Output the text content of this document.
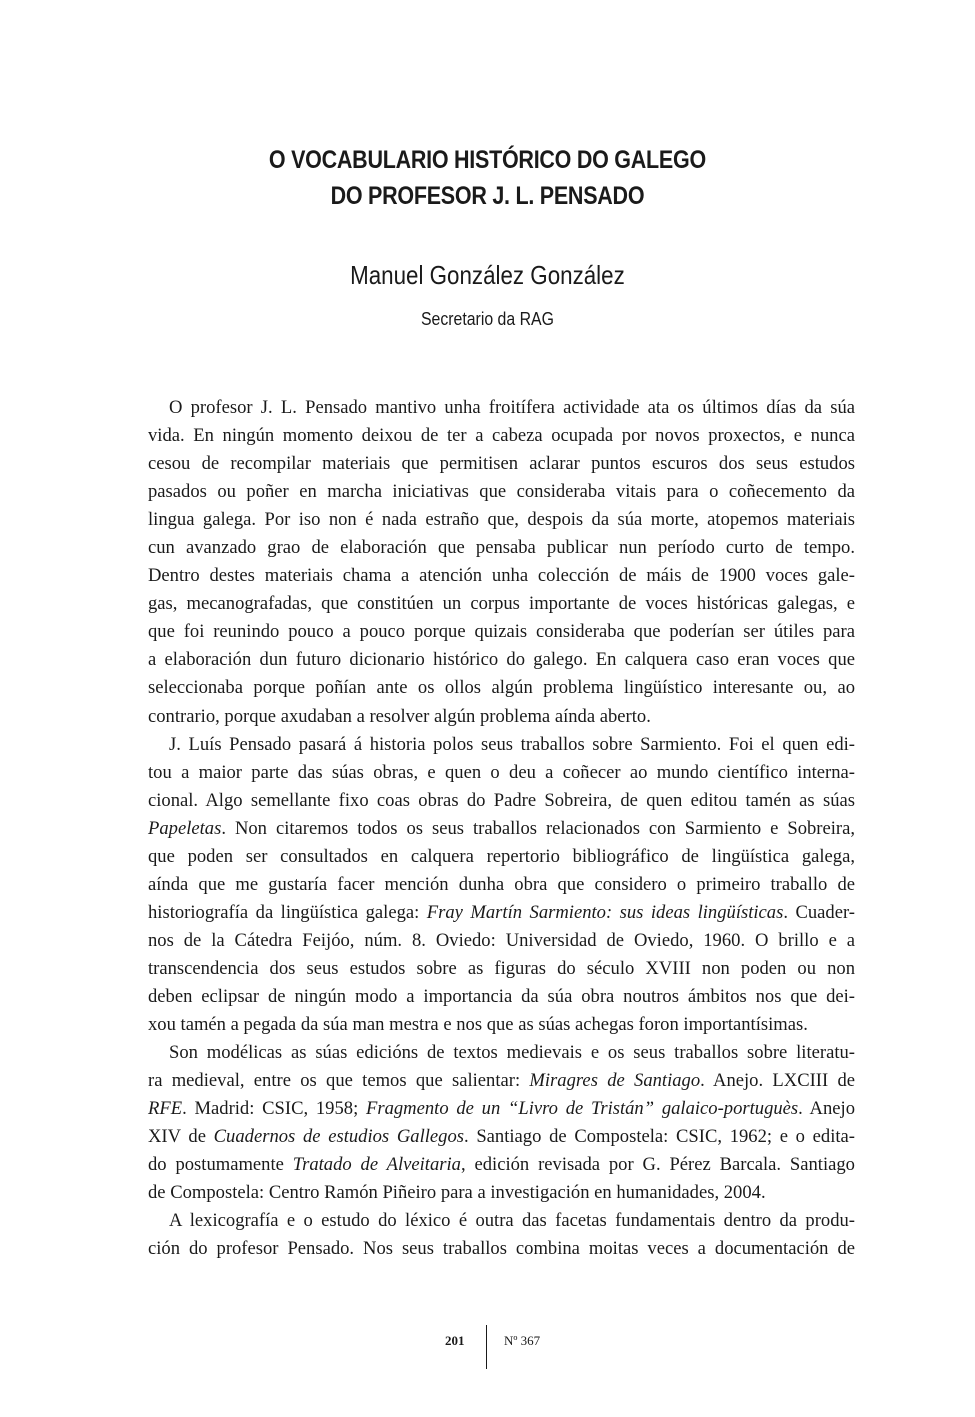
O VOCABULARIO HISTÓRICO DO GALEGO
DO PROFESOR J. L. PENSADO
Manuel González González
Secretario da RAG
O profesor J. L. Pensado mantivo unha froitífera actividade ata os últimos días da súa
vida. En ningún momento deixou de ter a cabeza ocupada por novos proxectos, e nunca
cesou de recompilar materiais que permitisen aclarar puntos escuros dos seus estudos
pasados ou poñer en marcha iniciativas que consideraba vitais para o coñecemento da
lingua galega. Por iso non é nada estraño que, despois da súa morte, atopemos materiais
cun avanzado grao de elaboración que pensaba publicar nun período curto de tempo.
Dentro destes materiais chama a atención unha colección de máis de 1900 voces gale-
gas, mecanografadas, que constitúen un corpus importante de voces históricas galegas, e
que foi reunindo pouco a pouco porque quizais consideraba que poderían ser útiles para
a elaboración dun futuro dicionario histórico do galego. En calquera caso eran voces que
seleccionaba porque poñían ante os ollos algún problema lingüístico interesante ou, ao
contrario, porque axudaban a resolver algún problema aínda aberto.
J. Luís Pensado pasará á historia polos seus traballos sobre Sarmiento. Foi el quen edi-
tou a maior parte das súas obras, e quen o deu a coñecer ao mundo científico interna-
cional. Algo semellante fixo coas obras do Padre Sobreira, de quen editou tamén as súas
Papeletas. Non citaremos todos os seus traballos relacionados con Sarmiento e Sobreira,
que poden ser consultados en calquera repertorio bibliográfico de lingüística galega,
aínda que me gustaría facer mención dunha obra que considero o primeiro traballo de
historiografía da lingüística galega: Fray Martín Sarmiento: sus ideas lingüísticas. Cuader-
nos de la Cátedra Feijóo, núm. 8. Oviedo: Universidad de Oviedo, 1960. O brillo e a
transcendencia dos seus estudos sobre as figuras do século XVIII non poden ou non
deben eclipsar de ningún modo a importancia da súa obra noutros ámbitos nos que dei-
xou tamén a pegada da súa man mestra e nos que as súas achegas foron importantísimas.
Son modélicas as súas edicións de textos medievais e os seus traballos sobre literatu-
ra medieval, entre os que temos que salientar: Miragres de Santiago. Anejo. LXCIII de
RFE. Madrid: CSIC, 1958; Fragmento de un “Livro de Tristán” galaico-portuguès. Anejo
XIV de Cuadernos de estudios Gallegos. Santiago de Compostela: CSIC, 1962; e o edita-
do postumamente Tratado de Alveitaria, edición revisada por G. Pérez Barcala. Santiago
de Compostela: Centro Ramón Piñeiro para a investigación en humanidades, 2004.
A lexicografía e o estudo do léxico é outra das facetas fundamentais dentro da produ-
ción do profesor Pensado. Nos seus traballos combina moitas veces a documentación de
201	Nº 367
